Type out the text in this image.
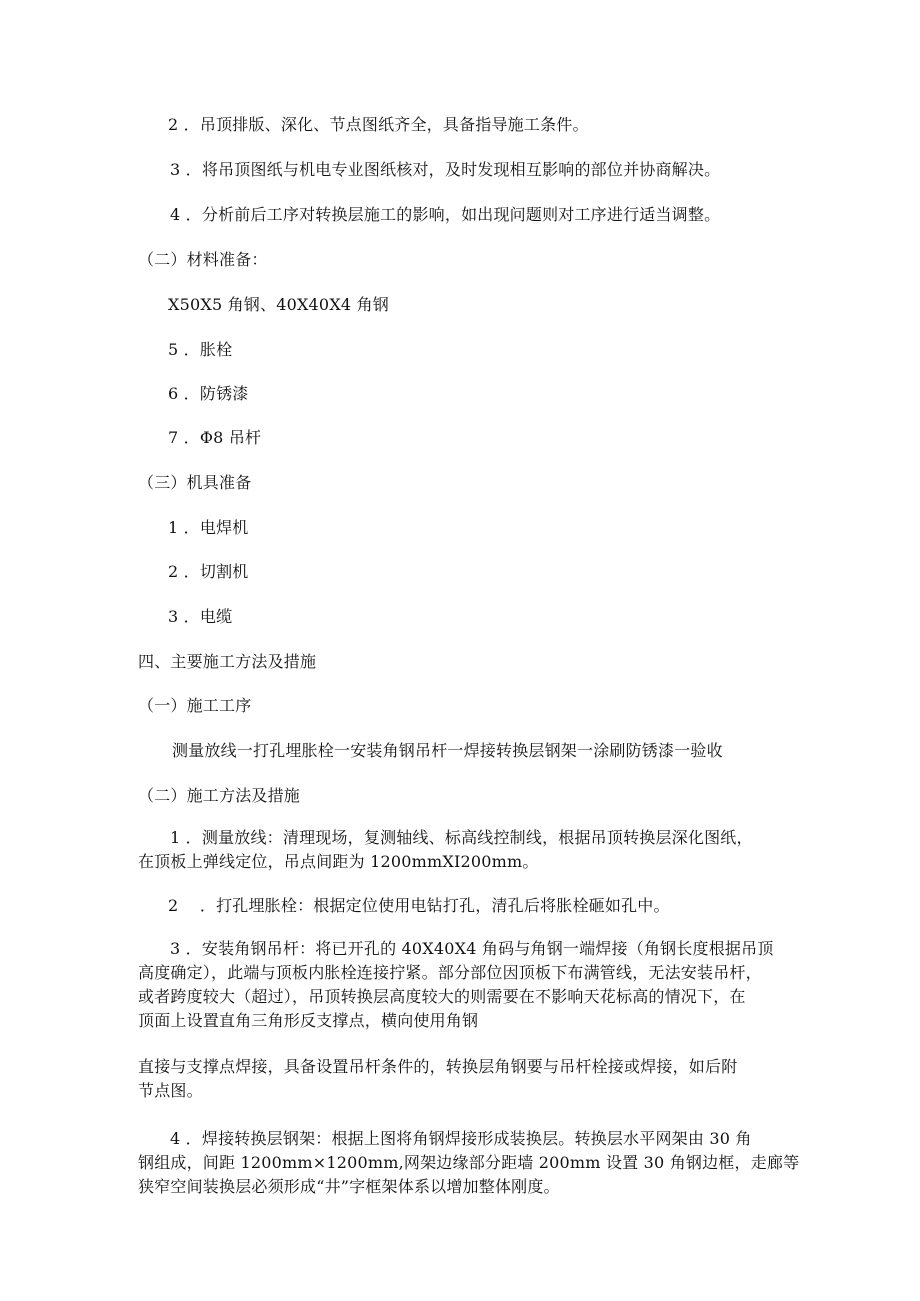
2 ．吊顶排版、深化、节点图纸齐全，具备指导施工条件。
3 ．将吊顶图纸与机电专业图纸核对，及时发现相互影响的部位并协商解决。
4 ．分析前后工序对转换层施工的影响，如出现问题则对工序进行适当调整。
（二）材料准备：
X50X5 角钢、40X40X4 角钢
5 ．胀栓
6 ．防锈漆
7 ．Φ8 吊杆
（三）机具准备
1 ．电焊机
2 ．切割机
3 ．电缆
四、主要施工方法及措施
（一）施工工序
测量放线一打孔埋胀栓一安装角钢吊杆一焊接转换层钢架一涂刷防锈漆一验收
（二）施工方法及措施
1 ．测量放线：清理现场，复测轴线、标高线控制线，根据吊顶转换层深化图纸，
在顶板上弹线定位，吊点间距为 1200mmXI200mm。
2　 ．打孔埋胀栓：根据定位使用电钻打孔，清孔后将胀栓砸如孔中。
3 ．安装角钢吊杆：将已开孔的 40X40X4 角码与角钢一端焊接（角钢长度根据吊顶
高度确定），此端与顶板内胀栓连接拧紧。部分部位因顶板下布满管线，无法安装吊杆，
或者跨度较大（超过），吊顶转换层高度较大的则需要在不影响天花标高的情况下，在
顶面上设置直角三角形反支撑点，横向使用角钢
直接与支撑点焊接，具备设置吊杆条件的，转换层角钢要与吊杆栓接或焊接，如后附
节点图。
4 ．焊接转换层钢架：根据上图将角钢焊接形成装换层。转换层水平网架由 30 角
钢组成，间距 1200mm×1200mm,网架边缘部分距墙 200mm 设置 30 角钢边框，走廊等
狭窄空间装换层必须形成“井”字框架体系以增加整体刚度。
